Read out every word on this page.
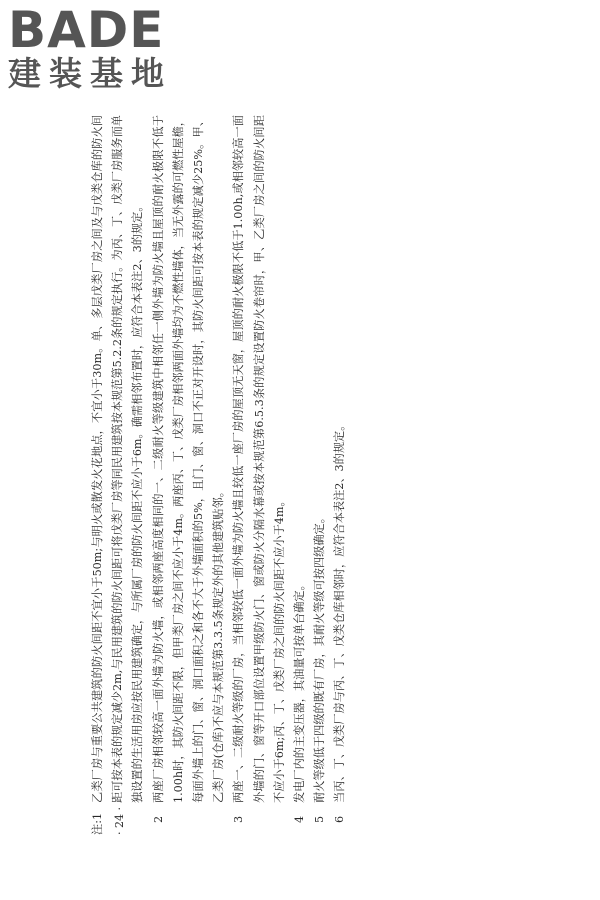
BADE
建装基地
· 24 ·
注:1
乙类厂房与重要公共建筑的防火间距不宜小于50m;与明火或散发火花地点，不宜小于30m。单、多层戊类厂房之间及与戊类仓库的防火间距可按本表的规定减少2m,与民用建筑的防火间距可将戊类厂房等同民用建筑按本规范第5.2.2条的规定执行。为丙、丁、戊类厂房服务而单独设置的生活用房应按民用建筑确定，与所属厂房的防火间距不应小于6m。确需相邻布置时，应符合本表注2、3的规定。
2
两座厂房相邻较高一面外墙为防火墙，或相邻两座高度相同的一、二级耐火等级建筑中相邻任一侧外墙为防火墙且屋顶的耐火极限不低于1.00h时，其防火间距不限，但甲类厂房之间不应小于4m。两座丙、丁、戊类厂房相邻两面外墙均为不燃性墙体，当无外露的可燃性屋檐，每面外墙上的门、窗、洞口面积之和各不大于外墙面积的5%，且门、窗、洞口不正对开设时，其防火间距可按本表的规定减少25%。甲、乙类厂房(仓库)不应与本规范第3.3.5条规定外的其他建筑贴邻。
3
两座一、二级耐火等级的厂房，当相邻较低一面外墙为防火墙且较低一座厂房的屋顶无天窗，屋顶的耐火极限不低于1.00h,或相邻较高一面外墙的门、窗等开口部位设置甲级防火门、窗或防火分隔水幕或按本规范第6.5.3条的规定设置防火卷帘时，甲、乙类厂房之间的防火间距不应小于6m;丙、丁、戊类厂房之间的防火间距不应小于4m。
4
发电厂内的主变压器，其油量可按单台确定。
5
耐火等级低于四级的既有厂房，其耐火等级可按四级确定。
6
当丙、丁、戊类厂房与丙、丁、戊类仓库相邻时，应符合本表注2、3的规定。
